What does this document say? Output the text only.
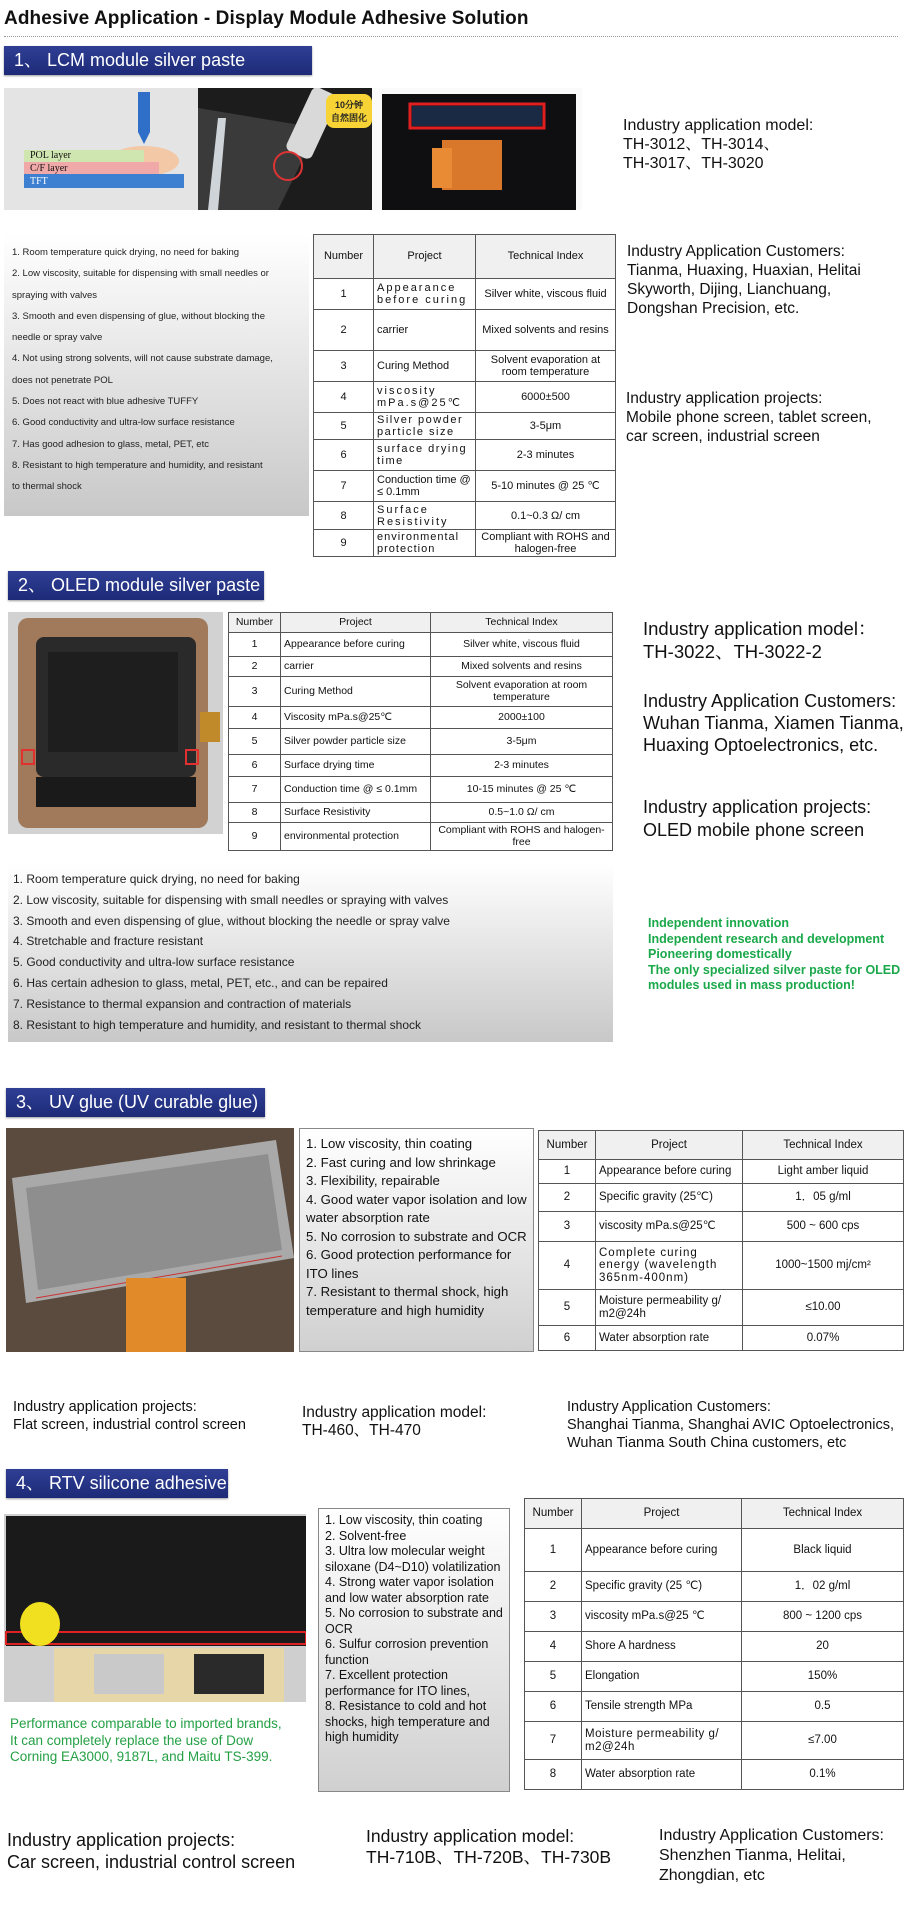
Adhesive Application - Display Module Adhesive Solution
1、 LCM module silver paste
POL layer
C/F layer
TFT
10分钟
自然固化	Industry application model:
TH-3012、TH-3014、
TH-3017、TH-3020
1. Room temperature quick drying, no need for baking
2. Low viscosity, suitable for dispensing with small needles or
spraying with valves
3. Smooth and even dispensing of glue, without blocking the
needle or spray valve
4. Not using strong solvents, will not cause substrate damage,
does not penetrate POL
5. Does not react with blue adhesive TUFFY
6. Good conductivity and ultra-low surface resistance
7. Has good adhesion to glass, metal, PET, etc
8. Resistant to high temperature and humidity, and resistant
to thermal shock
Number	Project	Technical Index
1	Appearance before curing	Silver white, viscous fluid
2	carrier	Mixed solvents and resins
3	Curing Method	Solvent evaporation at room temperature
4	viscosity mPa.s@25℃	6000±500
5	Silver powder particle size	3-5μm
6	surface drying time	2-3 minutes
7	Conduction time @ ≤ 0.1mm	5-10 minutes @ 25 ℃
8	Surface Resistivity	0.1~0.3 Ω/ cm
9	environmental protection	Compliant with ROHS and halogen-free
Industry Application Customers:
Tianma, Huaxing, Huaxian, Helitai
Skyworth, Dijing, Lianchuang,
Dongshan Precision, etc.
Industry application projects:
Mobile phone screen, tablet screen,
car screen, industrial screen
2、 OLED module silver paste
Number	Project	Technical Index
1	Appearance before curing	Silver white, viscous fluid
2	carrier	Mixed solvents and resins
3	Curing Method	Solvent evaporation at room temperature
4	Viscosity mPa.s@25℃	2000±100
5	Silver powder particle size	3-5μm
6	Surface drying time	2-3 minutes
7	Conduction time @ ≤ 0.1mm	10-15 minutes @ 25 ℃
8	Surface Resistivity	0.5~1.0 Ω/ cm
9	environmental protection	Compliant with ROHS and halogen-free
Industry application model：
TH-3022、TH-3022-2
Industry Application Customers:
Wuhan Tianma, Xiamen Tianma,
Huaxing Optoelectronics, etc.
Industry application projects:
OLED mobile phone screen
1. Room temperature quick drying, no need for baking
2. Low viscosity, suitable for dispensing with small needles or spraying with valves
3. Smooth and even dispensing of glue, without blocking the needle or spray valve
4. Stretchable and fracture resistant
5. Good conductivity and ultra-low surface resistance
6. Has certain adhesion to glass, metal, PET, etc., and can be repaired
7. Resistance to thermal expansion and contraction of materials
8. Resistant to high temperature and humidity, and resistant to thermal shock
Independent innovation
Independent research and development
Pioneering domestically
The only specialized silver paste for OLED
modules used in mass production!
3、 UV glue (UV curable glue)
1. Low viscosity, thin coating
2. Fast curing and low shrinkage
3. Flexibility, repairable
4. Good water vapor isolation and low water absorption rate
5. No corrosion to substrate and OCR
6. Good protection performance for ITO lines
7. Resistant to thermal shock, high temperature and high humidity
Number	Project	Technical Index
1	Appearance before curing	Light amber liquid
2	Specific gravity (25℃)	1．05 g/ml
3	viscosity mPa.s@25℃	500 ~ 600 cps
4	Complete curing energy (wavelength 365nm-400nm)	1000~1500 mj/cm²
5	Moisture permeability g/ m2@24h	≤10.00
6	Water absorption rate	0.07%
Industry application projects:
Flat screen, industrial control screen
Industry application model:
TH-460、TH-470
Industry Application Customers:
Shanghai Tianma, Shanghai AVIC Optoelectronics,
Wuhan Tianma South China customers, etc
4、 RTV silicone adhesive
Performance comparable to imported brands,
It can completely replace the use of Dow
Corning EA3000, 9187L, and Maitu TS-399.
1. Low viscosity, thin coating
2. Solvent-free
3. Ultra low molecular weight siloxane (D4~D10) volatilization
4. Strong water vapor isolation and low water absorption rate
5. No corrosion to substrate and OCR
6. Sulfur corrosion prevention function
7. Excellent protection performance for ITO lines,
8. Resistance to cold and hot shocks, high temperature and high humidity
Number	Project	Technical Index
1	Appearance before curing	Black liquid
2	Specific gravity (25 ℃)	1．02 g/ml
3	viscosity mPa.s@25 ℃	800 ~ 1200 cps
4	Shore A hardness	20
5	Elongation	150%
6	Tensile strength MPa	0.5
7	Moisture permeability g/ m2@24h	≤7.00
8	Water absorption rate	0.1%
Industry application projects:
Car screen, industrial control screen
Industry application model:
TH-710B、TH-720B、TH-730B
Industry Application Customers:
Shenzhen Tianma, Helitai,
Zhongdian, etc
